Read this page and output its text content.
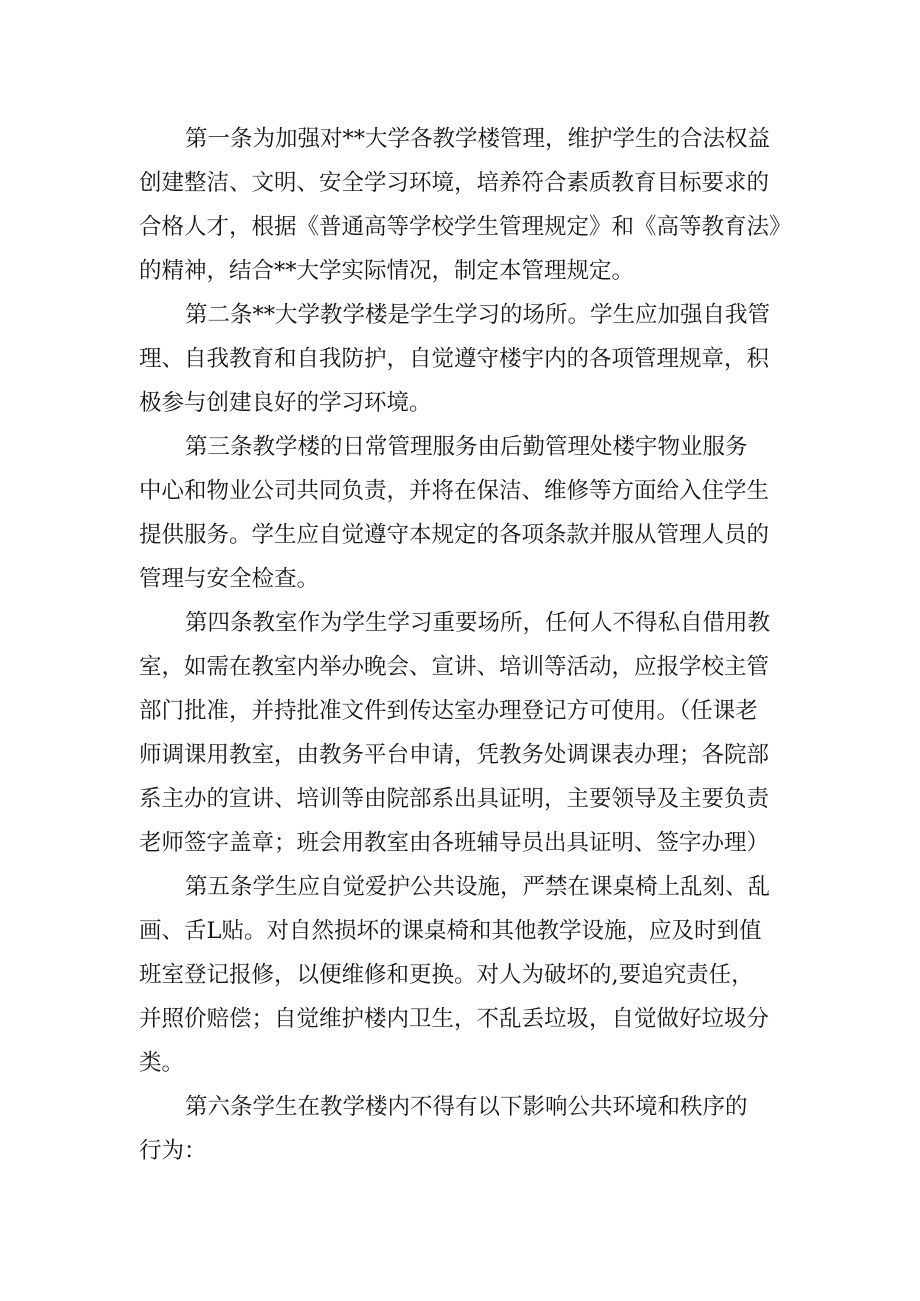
第一条为加强对**大学各教学楼管理，维护学生的合法权益

创建整洁、文明、安全学习环境，培养符合素质教育目标要求的

合格人才，根据《普通高等学校学生管理规定》和《高等教育法》

的精神，结合**大学实际情况，制定本管理规定。

第二条**大学教学楼是学生学习的场所。学生应加强自我管

理、自我教育和自我防护，自觉遵守楼宇内的各项管理规章，积

极参与创建良好的学习环境。

第三条教学楼的日常管理服务由后勤管理处楼宇物业服务

中心和物业公司共同负责，并将在保洁、维修等方面给入住学生

提供服务。学生应自觉遵守本规定的各项条款并服从管理人员的

管理与安全检查。

第四条教室作为学生学习重要场所，任何人不得私自借用教

室，如需在教室内举办晚会、宣讲、培训等活动，应报学校主管

部门批准，并持批准文件到传达室办理登记方可使用。（任课老

师调课用教室，由教务平台申请，凭教务处调课表办理；各院部

系主办的宣讲、培训等由院部系出具证明，主要领导及主要负责

老师签字盖章；班会用教室由各班辅导员出具证明、签字办理）

第五条学生应自觉爱护公共设施，严禁在课桌椅上乱刻、乱

画、舌L贴。对自然损坏的课桌椅和其他教学设施，应及时到值

班室登记报修，以便维修和更换。对人为破坏的,要追究责任，

并照价赔偿；自觉维护楼内卫生，不乱丢垃圾，自觉做好垃圾分

类。

第六条学生在教学楼内不得有以下影响公共环境和秩序的

行为：
